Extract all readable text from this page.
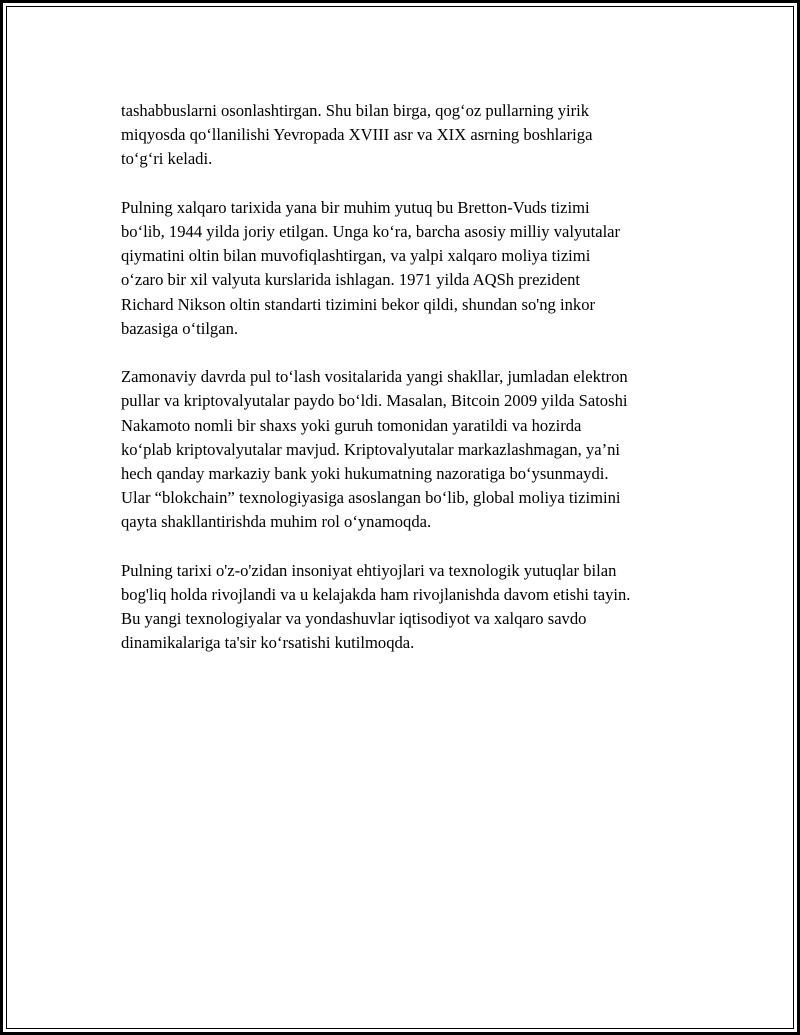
tashabbuslarni osonlashtirgan. Shu bilan birga, qog‘oz pullarning yirik
miqyosda qo‘llanilishi Yevropada XVIII asr va XIX asrning boshlariga
to‘g‘ri keladi.

Pulning xalqaro tarixida yana bir muhim yutuq bu Bretton-Vuds tizimi
bo‘lib, 1944 yilda joriy etilgan. Unga ko‘ra, barcha asosiy milliy valyutalar
qiymatini oltin bilan muvofiqlashtirgan, va yalpi xalqaro moliya tizimi
o‘zaro bir xil valyuta kurslarida ishlagan. 1971 yilda AQSh prezident
Richard Nikson oltin standarti tizimini bekor qildi, shundan so'ng inkor
bazasiga o‘tilgan.

Zamonaviy davrda pul to‘lash vositalarida yangi shakllar, jumladan elektron
pullar va kriptovalyutalar paydo bo‘ldi. Masalan, Bitcoin 2009 yilda Satoshi
Nakamoto nomli bir shaxs yoki guruh tomonidan yaratildi va hozirda
ko‘plab kriptovalyutalar mavjud. Kriptovalyutalar markazlashmagan, ya’ni
hech qanday markaziy bank yoki hukumatning nazoratiga bo‘ysunmaydi.
Ular “blokchain” texnologiyasiga asoslangan bo‘lib, global moliya tizimini
qayta shakllantirishda muhim rol o‘ynamoqda.

Pulning tarixi o'z-o'zidan insoniyat ehtiyojlari va texnologik yutuqlar bilan
bog'liq holda rivojlandi va u kelajakda ham rivojlanishda davom etishi tayin.
Bu yangi texnologiyalar va yondashuvlar iqtisodiyot va xalqaro savdo
dinamikalariga ta'sir ko‘rsatishi kutilmoqda.
